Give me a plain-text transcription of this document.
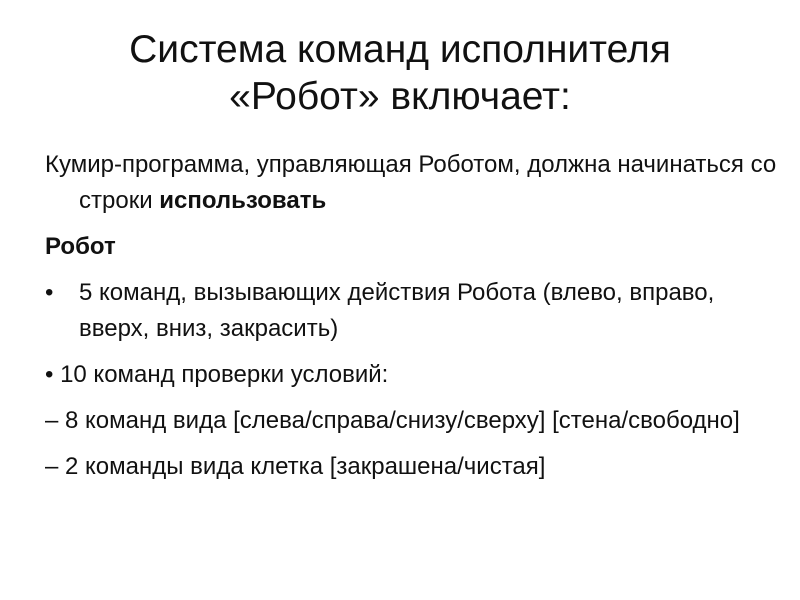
Система команд исполнителя
«Робот» включает:
Кумир-программа, управляющая Роботом, должна начинаться со строки использовать
Робот
•	5 команд, вызывающих действия Робота (влево, вправо, вверх, вниз, закрасить)
• 10 команд проверки условий:
– 8 команд вида [слева/справа/снизу/сверху] [стена/свободно]
– 2 команды вида клетка [закрашена/чистая]
